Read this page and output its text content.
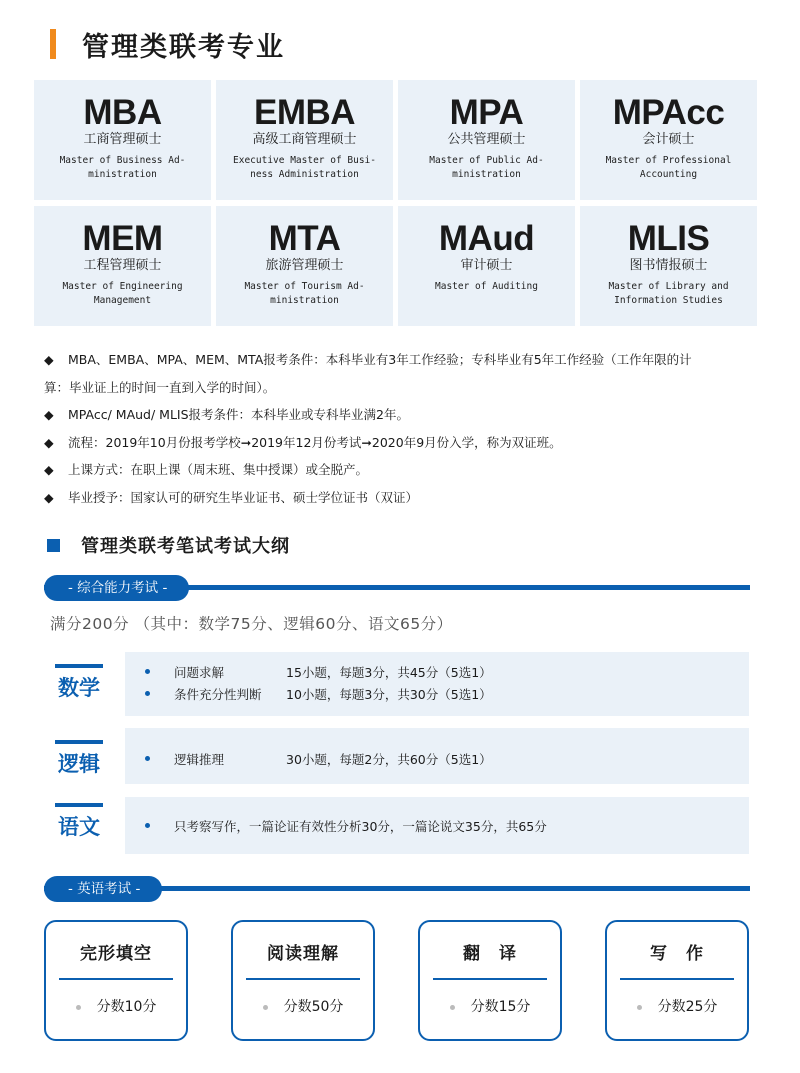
管理类联考专业
MBA
工商管理硕士
Master of Business Ad-
ministration
EMBA
高级工商管理硕士
Executive Master of Busi-
ness Administration
MPA
公共管理硕士
Master of Public Ad-
ministration
MPAcc
会计硕士
Master of Professional
Accounting
MEM
工程管理硕士
Master of Engineering
Management
MTA
旅游管理硕士
Master of Tourism Ad-
ministration
MAud
审计硕士
Master of Auditing
MLIS
图书情报硕士
Master of Library and
Information Studies
◆ MBA、EMBA、MPA、MEM、MTA报考条件：本科毕业有3年工作经验；专科毕业有5年工作经验（工作年限的计
算：毕业证上的时间一直到入学的时间）。
◆ MPAcc/ MAud/ MLIS报考条件：本科毕业或专科毕业满2年。
◆ 流程：2019年10月份报考学校➞2019年12月份考试➞2020年9月份入学，称为双证班。
◆ 上课方式：在职上课（周末班、集中授课）或全脱产。
◆ 毕业授予：国家认可的研究生毕业证书、硕士学位证书（双证）
管理类联考笔试考试大纲
- 综合能力考试 -
满分200分 （其中：数学75分、逻辑60分、语文65分）
数学
问题求解	15小题，每题3分，共45分（5选1）
条件充分性判断	10小题，每题3分，共30分（5选1）
逻辑	逻辑推理	30小题，每题2分，共60分（5选1）
语文	只考察写作，一篇论证有效性分析30分，一篇论说文35分，共65分
- 英语考试 -
完形填空
分数10分
阅读理解
分数50分
翻　译
分数15分
写　作
分数25分
